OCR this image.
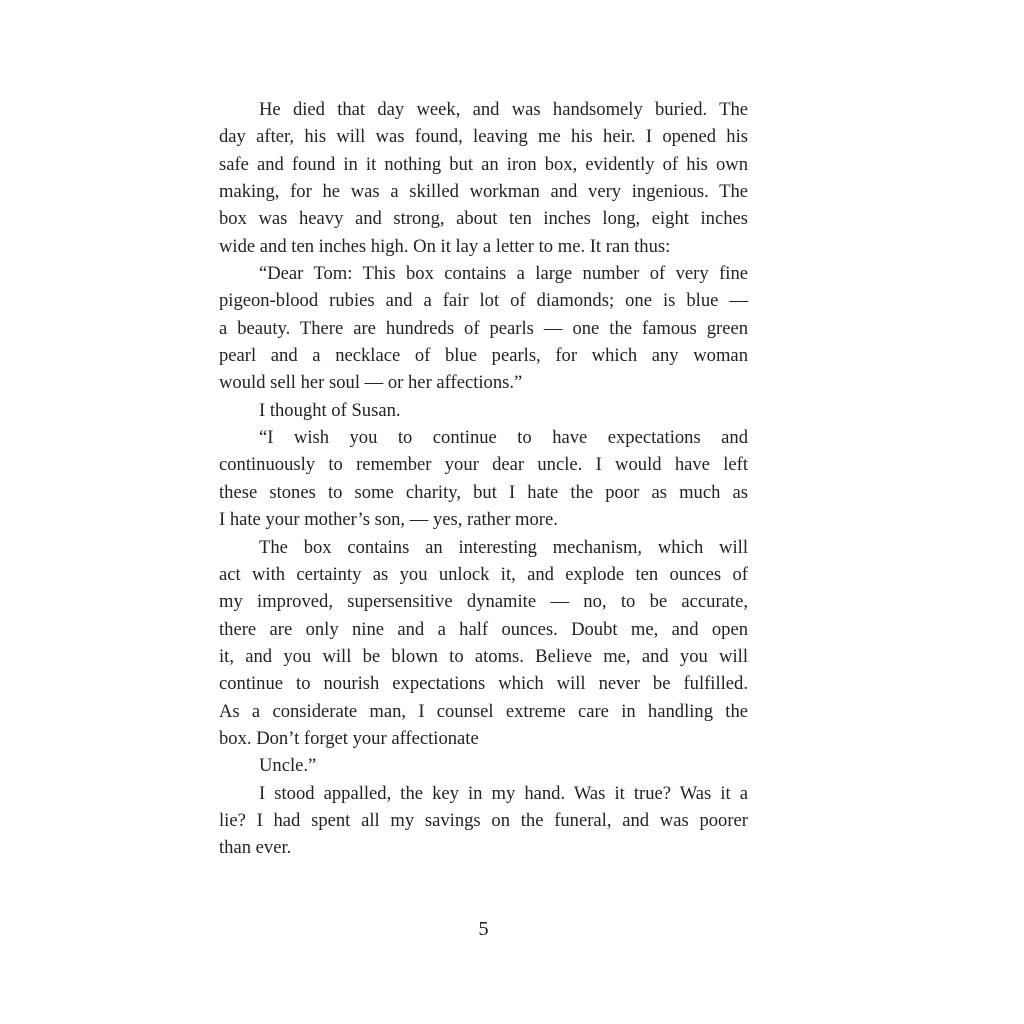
He died that day week, and was handsomely buried. The
day after, his will was found, leaving me his heir. I opened his
safe and found in it nothing but an iron box, evidently of his own
making, for he was a skilled workman and very ingenious. The
box was heavy and strong, about ten inches long, eight inches
wide and ten inches high. On it lay a letter to me. It ran thus:
“Dear Tom: This box contains a large number of very fine
pigeon-blood rubies and a fair lot of diamonds; one is blue —
a beauty. There are hundreds of pearls — one the famous green
pearl and a necklace of blue pearls, for which any woman
would sell her soul — or her affections.”
I thought of Susan.
“I wish you to continue to have expectations and
continuously to remember your dear uncle. I would have left
these stones to some charity, but I hate the poor as much as
I hate your mother’s son, — yes, rather more.
The box contains an interesting mechanism, which will
act with certainty as you unlock it, and explode ten ounces of
my improved, supersensitive dynamite — no, to be accurate,
there are only nine and a half ounces. Doubt me, and open
it, and you will be blown to atoms. Believe me, and you will
continue to nourish expectations which will never be fulfilled.
As a considerate man, I counsel extreme care in handling the
box. Don’t forget your affectionate
Uncle.”
I stood appalled, the key in my hand. Was it true? Was it a
lie? I had spent all my savings on the funeral, and was poorer
than ever.
5
